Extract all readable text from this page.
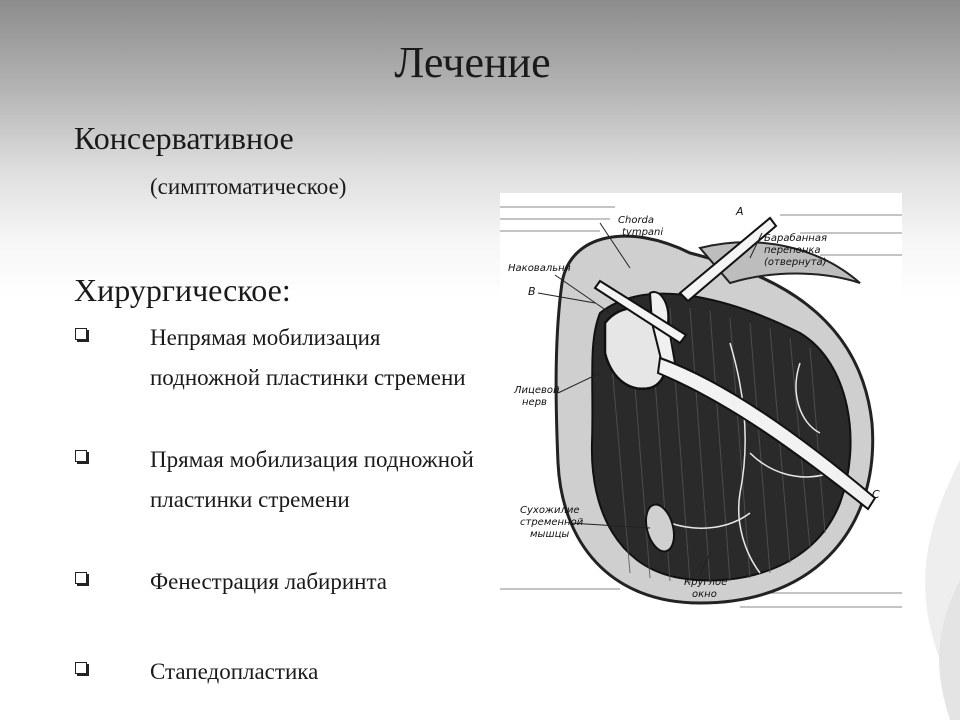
Лечение
Консервативное
(симптоматическое)
Хирургическое:
Непрямая мобилизация подножной пластинки стремени
Прямая мобилизация подножной пластинки стремени
Фенестрация лабиринта
Стапедопластика
Chorda
tympani
A
Барабанная
перепонка
(отвернута)
Наковальня
B
Лицевой
нерв
Сухожилие
стременной
мышцы
C
Круглое
окно
